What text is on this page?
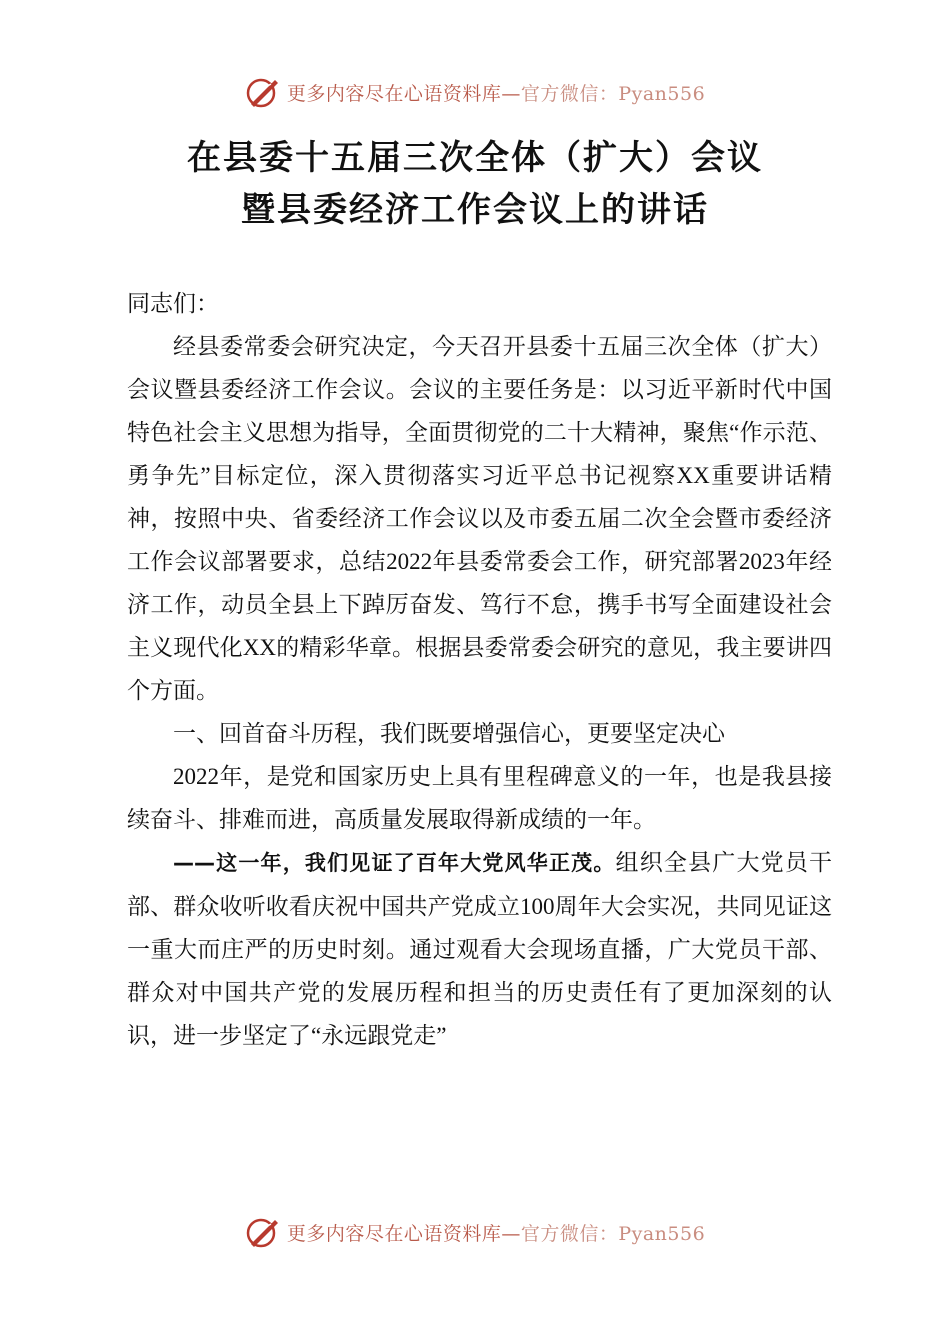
更多内容尽在心语资料库—官方微信：Pyan556
在县委十五届三次全体（扩大）会议
暨县委经济工作会议上的讲话

同志们：

经县委常委会研究决定，今天召开县委十五届三次全体（扩大）会议暨县委经济工作会议。会议的主要任务是：以习近平新时代中国特色社会主义思想为指导，全面贯彻党的二十大精神，聚焦“作示范、勇争先”目标定位，深入贯彻落实习近平总书记视察XX重要讲话精神，按照中央、省委经济工作会议以及市委五届二次全会暨市委经济工作会议部署要求，总结2022年县委常委会工作，研究部署2023年经济工作，动员全县上下踔厉奋发、笃行不怠，携手书写全面建设社会主义现代化XX的精彩华章。根据县委常委会研究的意见，我主要讲四个方面。

一、回首奋斗历程，我们既要增强信心，更要坚定决心

2022年，是党和国家历史上具有里程碑意义的一年，也是我县接续奋斗、排难而进，高质量发展取得新成绩的一年。

——这一年，我们见证了百年大党风华正茂。组织全县广大党员干部、群众收听收看庆祝中国共产党成立100周年大会实况，共同见证这一重大而庄严的历史时刻。通过观看大会现场直播，广大党员干部、群众对中国共产党的发展历程和担当的历史责任有了更加深刻的认识，进一步坚定了“永远跟党走”

更多内容尽在心语资料库—官方微信：Pyan556
